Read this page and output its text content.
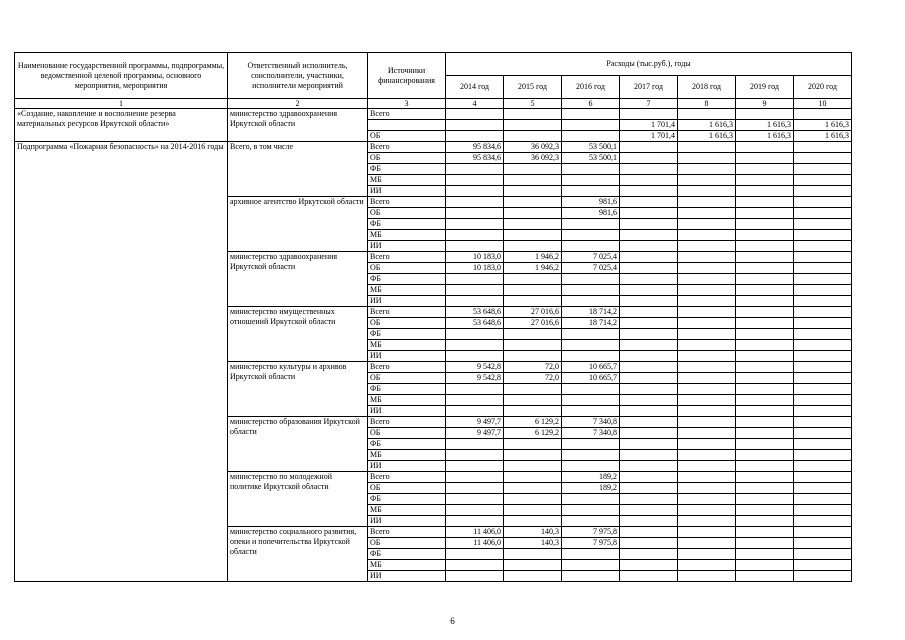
Наименование государственной программы, подпрограммы, ведомственной целевой программы, основного мероприятия, мероприятия	Ответственный исполнитель, соисполнители, участники, исполнители мероприятий	Источники финансирования	Расходы (тыс.руб.), годы						
			2014 год	2015 год	2016 год	2017 год	2018 год	2019 год	2020 год
1	2	3	4	5	6	7	8	9	10
«Создание, накопление и восполнение резерва материальных ресурсов Иркутской области»	министерство здравоохранения Иркутской области	Всего							
						1 701,4	1 616,3	1 616,3	1 616,3
		ОБ				1 701,4	1 616,3	1 616,3	1 616,3
Подпрограмма «Пожарная безопасность» на 2014-2016 годы	Всего, в том числе	Всего	95 834,6	36 092,3	53 500,1				
		ОБ	95 834,6	36 092,3	53 500,1				
		ФБ							
		МБ							
		ИИ							
	архивное агентство Иркутской области	Всего			981,6				
		ОБ			981,6				
		ФБ							
		МБ							
		ИИ							
	министерство здравоохранения Иркутской области	Всего	10 183,0	1 946,2	7 025,4				
		ОБ	10 183,0	1 946,2	7 025,4				
		ФБ							
		МБ							
		ИИ							
	министерство имущественных отношений Иркутской области	Всего	53 648,6	27 016,6	18 714,2				
		ОБ	53 648,6	27 016,6	18 714,2				
		ФБ							
		МБ							
		ИИ							
	министерство культуры и архивов Иркутской области	Всего	9 542,8	72,0	10 665,7				
		ОБ	9 542,8	72,0	10 665,7				
		ФБ							
		МБ							
		ИИ							
	министерство образования Иркутской области	Всего	9 497,7	6 129,2	7 340,8				
		ОБ	9 497,7	6 129,2	7 340,8				
		ФБ							
		МБ							
		ИИ							
	министерство по молодежной политике Иркутской области	Всего			189,2				
		ОБ			189,2				
		ФБ							
		МБ							
		ИИ							
	министерство социального развития, опеки и попечительства Иркутской области	Всего	11 406,0	140,3	7 975,8				
		ОБ	11 406,0	140,3	7 975,8				
		ФБ							
		МБ							
		ИИ							
6
